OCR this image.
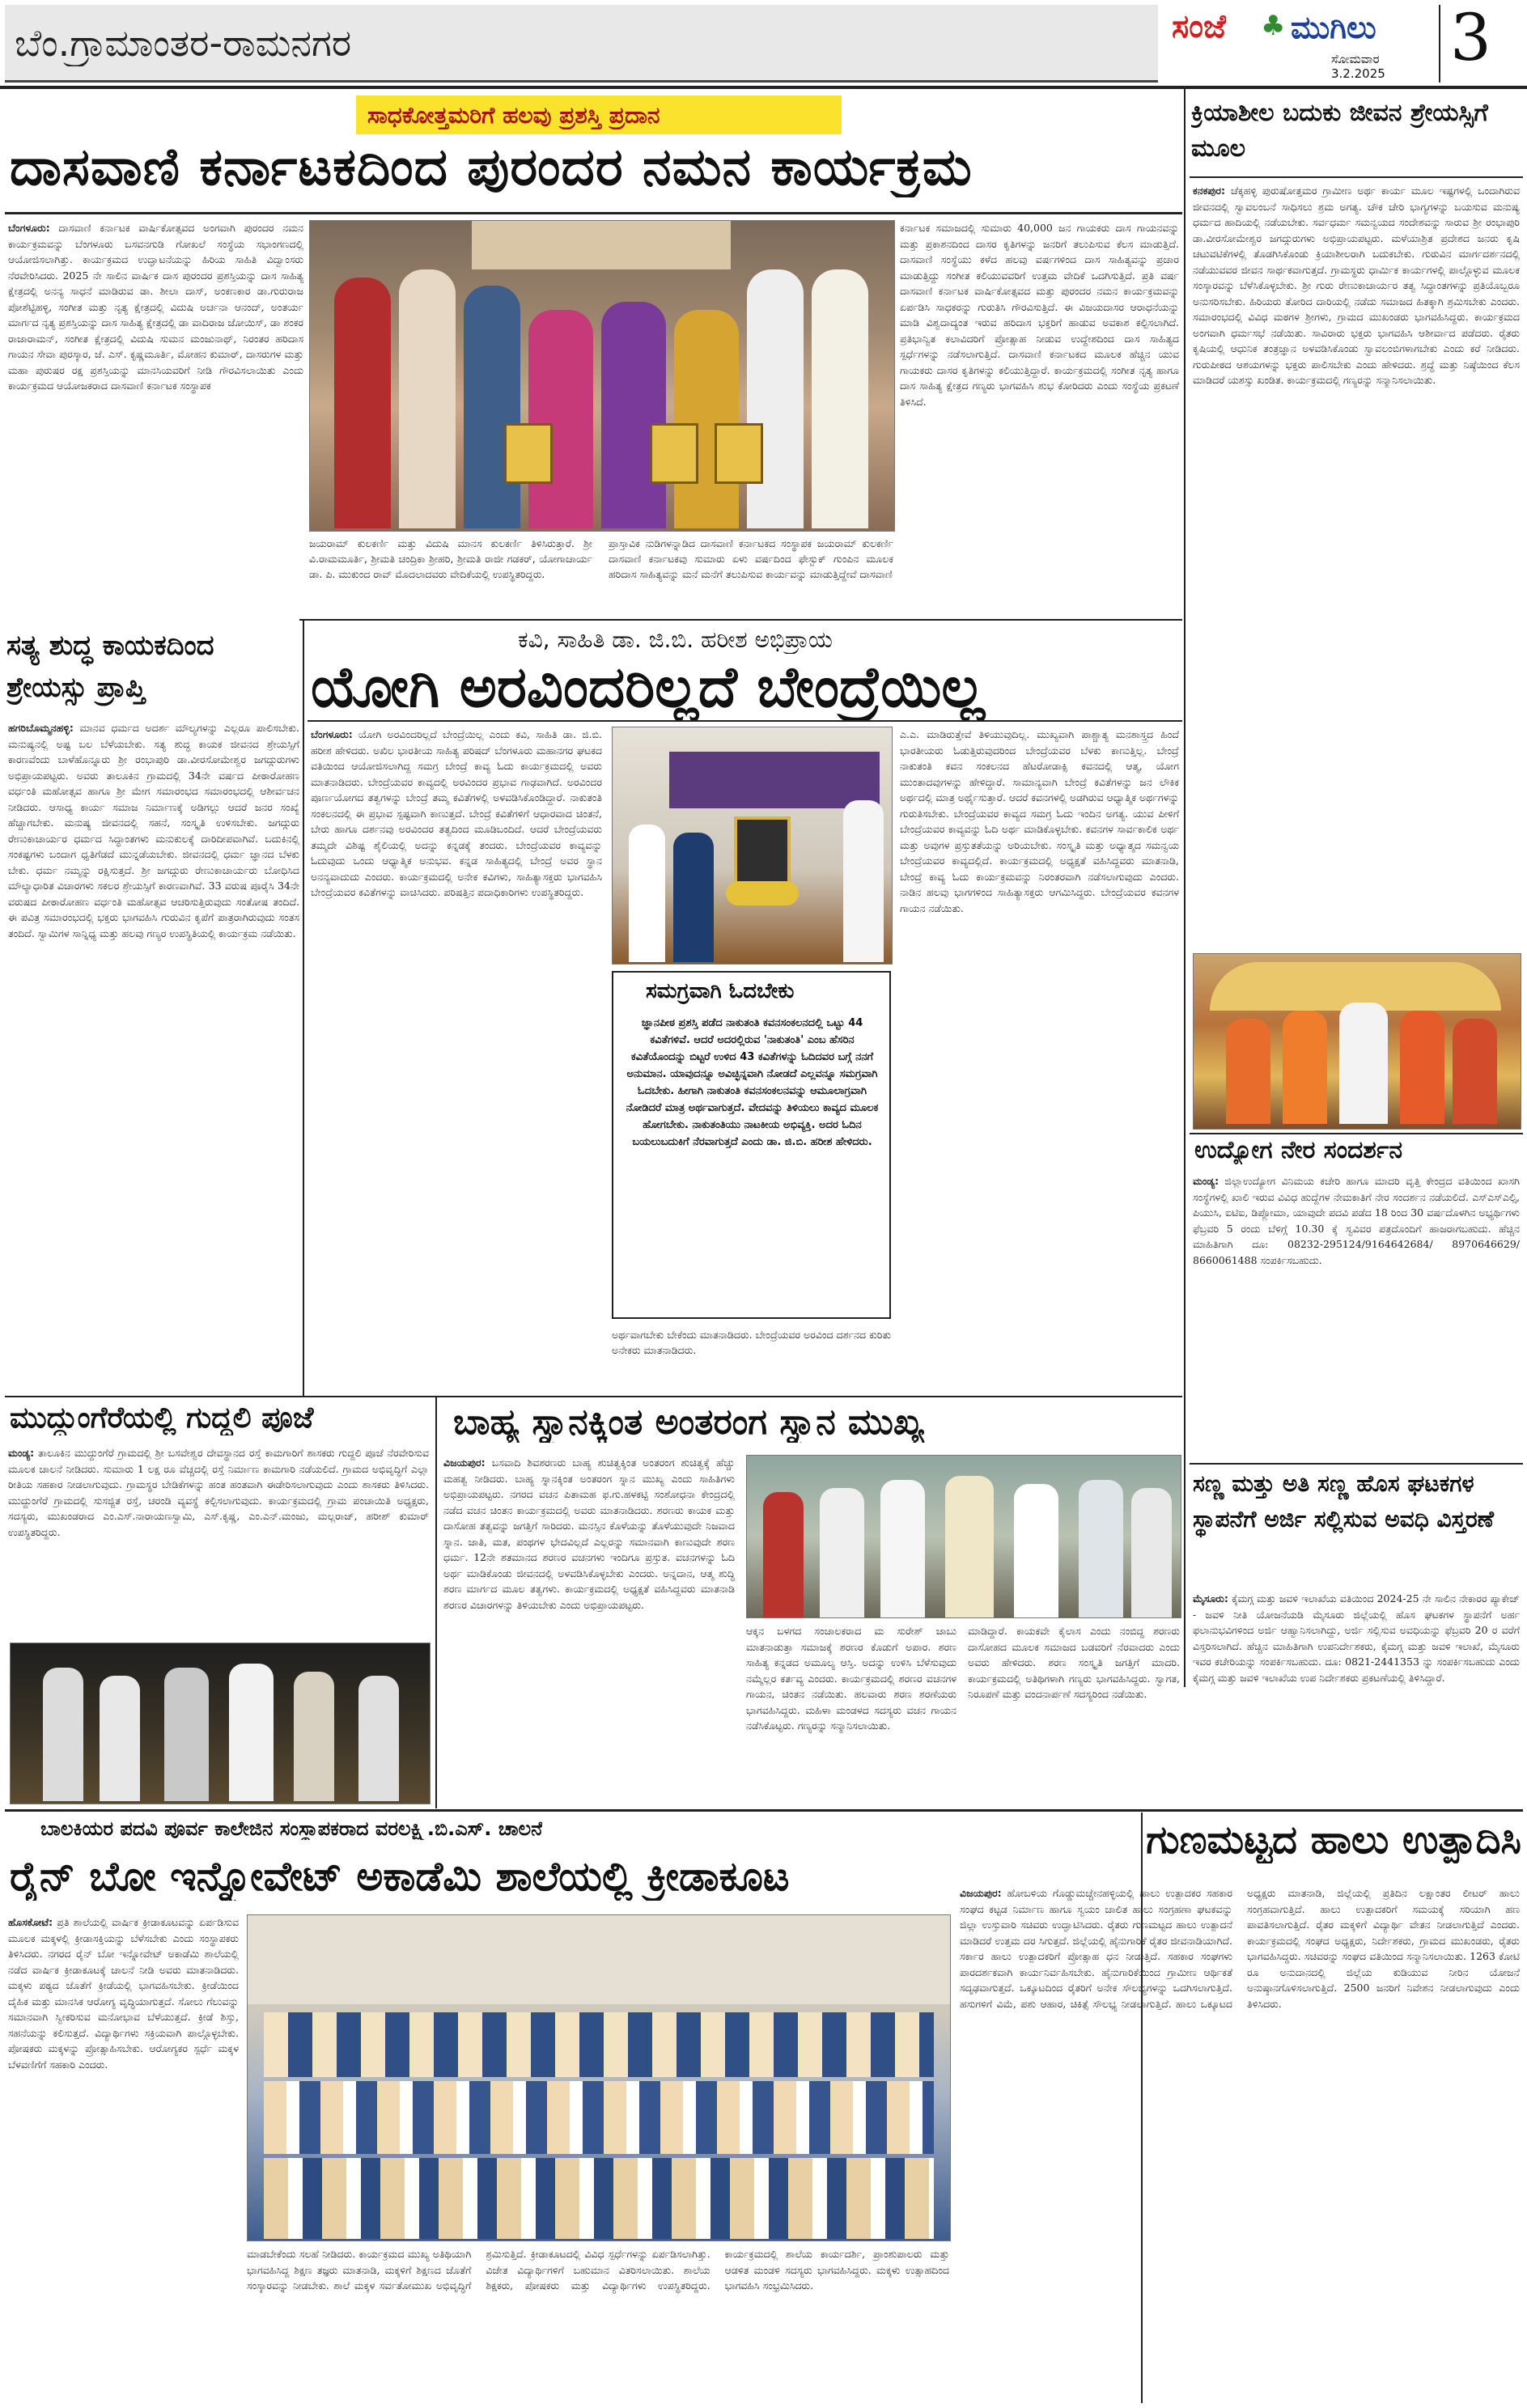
ಬೆಂ.ಗ್ರಾಮಾಂತರ-ರಾಮನಗರ	ಸಂಜೆ ♣ ಮುಗಿಲು
ಸೋಮವಾರ
3.2.2025 3
ಸಾಧಕೋತ್ತಮರಿಗೆ ಹಲವು ಪ್ರಶಸ್ತಿ ಪ್ರದಾನ
ದಾಸವಾಣಿ ಕರ್ನಾಟಕದಿಂದ ಪುರಂದರ ನಮನ ಕಾರ್ಯಕ್ರಮ
ಬೆಂಗಳೂರು: ದಾಸವಾಣಿ ಕರ್ನಾಟಕ ವಾರ್ಷಿಕೋತ್ಸವದ ಅಂಗವಾಗಿ ಪುರಂದರ ನಮನ ಕಾರ್ಯಕ್ರಮವನ್ನು ಬೆಂಗಳೂರು ಬಸವನಗುಡಿ ಗೋಖಲೆ ಸಂಸ್ಥೆಯ ಸಭಾಂಗಣದಲ್ಲಿ ಆಯೋಜಿಸಲಾಗಿತ್ತು. ಕಾರ್ಯಕ್ರಮದ ಉದ್ಘಾಟನೆಯನ್ನು ಹಿರಿಯ ಸಾಹಿತಿ ವಿದ್ವಾಂಸರು ನೆರವೇರಿಸಿದರು. 2025 ನೇ ಸಾಲಿನ ವಾರ್ಷಿಕ ದಾಸ ಪುರಂದರ ಪ್ರಶಸ್ತಿಯನ್ನು ದಾಸ ಸಾಹಿತ್ಯ ಕ್ಷೇತ್ರದಲ್ಲಿ ಅನನ್ಯ ಸಾಧನೆ ಮಾಡಿರುವ ಡಾ. ಶೀಲಾ ದಾಸ್, ಅಂಕಣಕಾರ ಡಾ.ಗುರುರಾಜ ಪೋಶೆಟ್ಟಿಹಳ್ಳಿ, ಸಂಗೀತ ಮತ್ತು ನೃತ್ಯ ಕ್ಷೇತ್ರದಲ್ಲಿ ವಿದುಷಿ ಅರ್ಚನಾ ಆನಂದ್, ಅಂತರ್ಯ ಮಾರ್ಗದ ನೃತ್ಯ ಪ್ರಶಸ್ತಿಯನ್ನು ದಾಸ ಸಾಹಿತ್ಯ ಕ್ಷೇತ್ರದಲ್ಲಿ ಡಾ ವಾದಿರಾಜ ಜೋಯಿಸ್, ಡಾ ಶಂಕರ ರಾಜಾರಾಮನ್, ಸಂಗೀತ ಕ್ಷೇತ್ರದಲ್ಲಿ ವಿದುಷಿ ಸುಮನ ಮಂಜುನಾಥ್, ನಿರಂತರ ಹರಿದಾಸ ಗಾಯನ ಸೇವಾ ಪುರಸ್ಕಾರ, ಜೆ. ಎಸ್. ಕೃಷ್ಣಮೂರ್ತಿ, ಮೋಹನ ಕುಮಾರ್, ದಾಸರುಗಳ ಮತ್ತು ಮಹಾ ಪುರುಷರ ರಕ್ಷ ಪ್ರಶಸ್ತಿಯನ್ನು ಮಾನಸಿಯವರಿಗೆ ನೀಡಿ ಗೌರವಿಸಲಾಯಿತು ಎಂದು ಕಾರ್ಯಕ್ರಮದ ಆಯೋಜಕರಾದ ದಾಸವಾಣಿ ಕರ್ನಾಟಕ ಸಂಸ್ಥಾಪಕ
ಜಯರಾಮ್ ಕುಲಕರ್ಣಿ ಮತ್ತು ವಿದುಷಿ ಮಾನಸ ಕುಲಕರ್ಣಿ ತಿಳಿಸಿರುತ್ತಾರೆ. ಶ್ರೀ ವಿ.ರಾಮಮೂರ್ತಿ, ಶ್ರೀಮತಿ ಚಂದ್ರಿಕಾ ಶ್ರೀಹರಿ, ಶ್ರೀಮತಿ ರಾಜೀ ಗಡಕರ್, ಯೋಗಾಚಾರ್ಯ ಡಾ. ಪಿ. ಮುಕುಂದ ರಾವ್ ಮೊದಲಾದವರು ವೇದಿಕೆಯಲ್ಲಿ ಉಪಸ್ಥಿತರಿದ್ದರು.
ಪ್ರಾಸ್ತಾವಿಕ ನುಡಿಗಳನ್ನಾಡಿದ ದಾಸವಾಣಿ ಕರ್ನಾಟಕದ ಸಂಸ್ಥಾಪಕ ಜಯರಾಮ್ ಕುಲಕರ್ಣಿ ದಾಸವಾಣಿ ಕರ್ನಾಟಕವು ಸುಮಾರು ಏಳು ವರ್ಷದಿಂದ ಫೇಸ್ಬುಕ್ ಗುಂಪಿನ ಮೂಲಕ ಹರಿದಾಸ ಸಾಹಿತ್ಯವನ್ನು ಮನೆ ಮನೆಗೆ ತಲುಪಿಸುವ ಕಾರ್ಯವನ್ನು ಮಾಡುತ್ತಿದ್ದೇವೆ ದಾಸವಾಣಿ
ಕರ್ನಾಟಕ ಸಮಾಜದಲ್ಲಿ ಸುಮಾರು 40,000 ಜನ ಗಾಯಕರು ದಾಸ ಗಾಯನವನ್ನು ಮತ್ತು ಪ್ರಕಾಶನದಿಂದ ದಾಸರ ಕೃತಿಗಳನ್ನು ಜನರಿಗೆ ತಲುಪಿಸುವ ಕೆಲಸ ಮಾಡುತ್ತಿದೆ. ದಾಸವಾಣಿ ಸಂಸ್ಥೆಯು ಕಳೆದ ಹಲವು ವರ್ಷಗಳಿಂದ ದಾಸ ಸಾಹಿತ್ಯವನ್ನು ಪ್ರಚಾರ ಮಾಡುತ್ತಿದ್ದು ಸಂಗೀತ ಕಲಿಯುವವರಿಗೆ ಉತ್ತಮ ವೇದಿಕೆ ಒದಗಿಸುತ್ತಿದೆ. ಪ್ರತಿ ವರ್ಷ ದಾಸವಾಣಿ ಕರ್ನಾಟಕ ವಾರ್ಷಿಕೋತ್ಸವದ ಮತ್ತು ಪುರಂದರ ನಮನ ಕಾರ್ಯಕ್ರಮವನ್ನು ಏರ್ಪಡಿಸಿ ಸಾಧಕರನ್ನು ಗುರುತಿಸಿ ಗೌರವಿಸುತ್ತಿದೆ. ಈ ವಿಜಯದಾಸರ ಆರಾಧನೆಯನ್ನು ಮಾಡಿ ವಿಶ್ವದಾದ್ಯಂತ ಇರುವ ಹರಿದಾಸ ಭಕ್ತರಿಗೆ ಹಾಡುವ ಅವಕಾಶ ಕಲ್ಪಿಸಲಾಗಿದೆ. ಪ್ರತಿಭಾನ್ವಿತ ಕಲಾವಿದರಿಗೆ ಪ್ರೋತ್ಸಾಹ ನೀಡುವ ಉದ್ದೇಶದಿಂದ ದಾಸ ಸಾಹಿತ್ಯದ ಸ್ಪರ್ಧೆಗಳನ್ನು ನಡೆಸಲಾಗುತ್ತಿದೆ. ದಾಸವಾಣಿ ಕರ್ನಾಟಕದ ಮೂಲಕ ಹೆಚ್ಚಿನ ಯುವ ಗಾಯಕರು ದಾಸರ ಕೃತಿಗಳನ್ನು ಕಲಿಯುತ್ತಿದ್ದಾರೆ. ಕಾರ್ಯಕ್ರಮದಲ್ಲಿ ಸಂಗೀತ ನೃತ್ಯ ಹಾಗೂ ದಾಸ ಸಾಹಿತ್ಯ ಕ್ಷೇತ್ರದ ಗಣ್ಯರು ಭಾಗವಹಿಸಿ ಶುಭ ಕೋರಿದರು ಎಂದು ಸಂಸ್ಥೆಯ ಪ್ರಕಟಣೆ ತಿಳಿಸಿದೆ.
ಕ್ರಿಯಾಶೀಲ ಬದುಕು ಜೀವನ ಶ್ರೇಯಸ್ಸಿಗೆ ಮೂಲ
ಕನಕಪುರ: ಚೆಕ್ಕಹಳ್ಳಿ ಪುರುಷೋತ್ತಮರ ಗ್ರಾಮೀಣ ಅರ್ಥ ಕಾರ್ಯ ಮೂಲ ಇಷ್ಟಗಳಲ್ಲಿ ಒಂದಾಗಿರುವ ಜೀವನದಲ್ಲಿ ಸ್ವಾವಲಂಬನೆ ಸಾಧಿಸಲು ಶ್ರಮ ಅಗತ್ಯ. ಚೌಕ ಚೇರಿ ಭಾಗ್ಯಗಳನ್ನು ಬಯಸುವ ಮನುಷ್ಯ ಧರ್ಮದ ಹಾದಿಯಲ್ಲಿ ನಡೆಯಬೇಕು. ಸರ್ವಧರ್ಮ ಸಮನ್ವಯದ ಸಂದೇಶವನ್ನು ಸಾರುವ ಶ್ರೀ ರಂಭಾಪುರಿ ಡಾ.ವೀರಸೋಮೇಶ್ವರ ಜಗದ್ಗುರುಗಳು ಅಭಿಪ್ರಾಯಪಟ್ಟರು. ಮಳೆಯಾಶ್ರಿತ ಪ್ರದೇಶದ ಜನರು ಕೃಷಿ ಚಟುವಟಿಕೆಗಳಲ್ಲಿ ತೊಡಗಿಸಿಕೊಂಡು ಕ್ರಿಯಾಶೀಲರಾಗಿ ಬದುಕಬೇಕು. ಗುರುವಿನ ಮಾರ್ಗದರ್ಶನದಲ್ಲಿ ನಡೆಯುವವರ ಜೀವನ ಸಾರ್ಥಕವಾಗುತ್ತದೆ. ಗ್ರಾಮಸ್ಥರು ಧಾರ್ಮಿಕ ಕಾರ್ಯಗಳಲ್ಲಿ ಪಾಲ್ಗೊಳ್ಳುವ ಮೂಲಕ ಸಂಸ್ಕಾರವನ್ನು ಬೆಳೆಸಿಕೊಳ್ಳಬೇಕು. ಶ್ರೀ ಗುರು ರೇಣುಕಾಚಾರ್ಯರ ತತ್ವ ಸಿದ್ಧಾಂತಗಳನ್ನು ಪ್ರತಿಯೊಬ್ಬರೂ ಅನುಸರಿಸಬೇಕು. ಹಿರಿಯರು ತೋರಿದ ದಾರಿಯಲ್ಲಿ ನಡೆದು ಸಮಾಜದ ಹಿತಕ್ಕಾಗಿ ಶ್ರಮಿಸಬೇಕು ಎಂದರು. ಸಮಾರಂಭದಲ್ಲಿ ವಿವಿಧ ಮಠಗಳ ಶ್ರೀಗಳು, ಗ್ರಾಮದ ಮುಖಂಡರು ಭಾಗವಹಿಸಿದ್ದರು. ಕಾರ್ಯಕ್ರಮದ ಅಂಗವಾಗಿ ಧರ್ಮಸಭೆ ನಡೆಯಿತು. ಸಾವಿರಾರು ಭಕ್ತರು ಭಾಗವಹಿಸಿ ಆಶೀರ್ವಾದ ಪಡೆದರು. ರೈತರು ಕೃಷಿಯಲ್ಲಿ ಆಧುನಿಕ ತಂತ್ರಜ್ಞಾನ ಅಳವಡಿಸಿಕೊಂಡು ಸ್ವಾವಲಂಬಿಗಳಾಗಬೇಕು ಎಂದು ಕರೆ ನೀಡಿದರು. ಗುರುಪೀಠದ ಆಶಯಗಳನ್ನು ಭಕ್ತರು ಪಾಲಿಸಬೇಕು ಎಂದು ಹೇಳಿದರು. ಶ್ರದ್ಧೆ ಮತ್ತು ನಿಷ್ಠೆಯಿಂದ ಕೆಲಸ ಮಾಡಿದರೆ ಯಶಸ್ಸು ಖಂಡಿತ. ಕಾರ್ಯಕ್ರಮದಲ್ಲಿ ಗಣ್ಯರನ್ನು ಸನ್ಮಾನಿಸಲಾಯಿತು.
ಉದ್ಯೋಗ ನೇರ ಸಂದರ್ಶನ
ಮಂಡ್ಯ: ಜಿಲ್ಲಾಉದ್ಯೋಗ ವಿನಿಮಯ ಕಚೇರಿ ಹಾಗೂ ಮಾದರಿ ವೃತ್ತಿ ಕೇಂದ್ರದ ವತಿಯಿಂದ ಖಾಸಗಿ ಸಂಸ್ಥೆಗಳಲ್ಲಿ ಖಾಲಿ ಇರುವ ವಿವಿಧ ಹುದ್ದೆಗಳ ನೇಮಕಾತಿಗೆ ನೇರ ಸಂದರ್ಶನ ನಡೆಯಲಿದೆ. ಎಸ್ಎಸ್ಎಲ್ಸಿ, ಪಿಯುಸಿ, ಐಟಿಐ, ಡಿಪ್ಲೋಮಾ, ಯಾವುದೇ ಪದವಿ ಪಡೆದ 18 ರಿಂದ 30 ವರ್ಷದೊಳಗಿನ ಅಭ್ಯರ್ಥಿಗಳು ಫೆಬ್ರವರಿ 5 ರಂದು ಬೆಳಿಗ್ಗೆ 10.30 ಕ್ಕೆ ಸ್ವವಿವರ ಪತ್ರದೊಂದಿಗೆ ಹಾಜರಾಗಬಹುದು. ಹೆಚ್ಚಿನ ಮಾಹಿತಿಗಾಗಿ ದೂ: 08232-295124/9164642684/ 8970646629/ 8660061488 ಸಂಪರ್ಕಿಸಬಹುದು.
ಸಣ್ಣ ಮತ್ತು ಅತಿ ಸಣ್ಣ ಹೊಸ ಘಟಕಗಳ ಸ್ಥಾಪನೆಗೆ ಅರ್ಜಿ ಸಲ್ಲಿಸುವ ಅವಧಿ ವಿಸ್ತರಣೆ
ಮೈಸೂರು: ಕೈಮಗ್ಗ ಮತ್ತು ಜವಳಿ ಇಲಾಖೆಯ ವತಿಯಿಂದ 2024-25 ನೇ ಸಾಲಿನ ನೇಕಾರರ ಪ್ಯಾಕೇಜ್ - ಜವಳಿ ನೀತಿ ಯೋಜನೆಯಡಿ ಮೈಸೂರು ಜಿಲ್ಲೆಯಲ್ಲಿ ಹೊಸ ಘಟಕಗಳ ಸ್ಥಾಪನೆಗೆ ಅರ್ಹ ಫಲಾನುಭವಿಗಳಿಂದ ಅರ್ಜಿ ಆಹ್ವಾನಿಸಲಾಗಿದ್ದು, ಅರ್ಜಿ ಸಲ್ಲಿಸುವ ಅವಧಿಯನ್ನು ಫೆಬ್ರವರಿ 20 ರ ವರೆಗೆ ವಿಸ್ತರಿಸಲಾಗಿದೆ. ಹೆಚ್ಚಿನ ಮಾಹಿತಿಗಾಗಿ ಉಪನಿರ್ದೇಶಕರು, ಕೈಮಗ್ಗ ಮತ್ತು ಜವಳಿ ಇಲಾಖೆ, ಮೈಸೂರು ಇವರ ಕಚೇರಿಯನ್ನು ಸಂಪರ್ಕಿಸಬಹುದು. ದೂ: 0821-2441353 ನ್ನು ಸಂಪರ್ಕಿಸಬಹುದು ಎಂದು ಕೈಮಗ್ಗ ಮತ್ತು ಜವಳಿ ಇಲಾಖೆಯ ಉಪ ನಿರ್ದೇಶಕರು ಪ್ರಕಟಣೆಯಲ್ಲಿ ತಿಳಿಸಿದ್ದಾರೆ.
ಸತ್ಯ ಶುದ್ಧ ಕಾಯಕದಿಂದ ಶ್ರೇಯಸ್ಸು ಪ್ರಾಪ್ತಿ
ಹಗರಿಬೊಮ್ಮನಹಳ್ಳಿ: ಮಾನವ ಧರ್ಮದ ಅದರ್ಶ ಮೌಲ್ಯಗಳನ್ನು ಎಲ್ಲರೂ ಪಾಲಿಸಬೇಕು. ಮನುಷ್ಯನಲ್ಲಿ ಅಷ್ಟ ಬಲ ಬೆಳೆಯಬೇಕು. ಸತ್ಯ ಶುದ್ಧ ಕಾಯಕ ಜೀವನದ ಶ್ರೇಯಸ್ಸಿಗೆ ಕಾರಣವೆಂದು ಬಾಳೆಹೊನ್ನೂರು ಶ್ರೀ ರಂಭಾಪುರಿ ಡಾ.ವೀರಸೋಮೇಶ್ವರ ಜಗದ್ಗುರುಗಳು ಅಭಿಪ್ರಾಯಪಟ್ಟರು. ಅವರು ತಾಲೂಕಿನ ಗ್ರಾಮದಲ್ಲಿ 34ನೇ ವರ್ಷದ ಪೀಠಾರೋಹಣ ವರ್ಧಂತಿ ಮಹೋತ್ಸವ ಹಾಗೂ ಶ್ರೀ ಮೇಗ ಸಮಾರಂಭದ ಸಮಾರಂಭದಲ್ಲಿ ಆಶೀರ್ವಚನ ನೀಡಿದರು. ಆಸಾಧ್ಯ ಕಾರ್ಯ ಸಮಾಜ ನಿರ್ಮಾಣಕ್ಕೆ ಅಡಿಗಲ್ಲು ಆದರೆ ಜನರ ಸಂಖ್ಯೆ ಹೆಚ್ಚಾಗಬೇಕು. ಮನುಷ್ಯ ಜೀವನದಲ್ಲಿ ಸಹನೆ, ಸಂಸ್ಕೃತಿ ಉಳಿಸಬೇಕು. ಜಗದ್ಗುರು ರೇಣುಕಾಚಾರ್ಯರ ಧರ್ಮದ ಸಿದ್ಧಾಂತಗಳು ಮನುಕುಲಕ್ಕೆ ದಾರಿದೀಪವಾಗಿವೆ. ಬದುಕಿನಲ್ಲಿ ಸಂಕಷ್ಟಗಳು ಬಂದಾಗ ಧೃತಿಗೆಡದೆ ಮುನ್ನಡೆಯಬೇಕು. ಜೀವನದಲ್ಲಿ ಧರ್ಮ ಜ್ಞಾನದ ಬೆಳಕು ಬೇಕು. ಧರ್ಮ ನಮ್ಮನ್ನು ರಕ್ಷಿಸುತ್ತದೆ. ಶ್ರೀ ಜಗದ್ಗುರು ರೇಣುಕಾಚಾರ್ಯರು ಬೋಧಿಸಿದ ಮೌಲ್ಯಾಧಾರಿತ ವಿಚಾರಗಳು ಸಕಲರ ಶ್ರೇಯಸ್ಸಿಗೆ ಕಾರಣವಾಗಿವೆ. 33 ವರುಷ ಪೂರೈಸಿ 34ನೇ ವರುಷದ ಪೀಠಾರೋಹಣ ವರ್ಧಂತಿ ಮಹೋತ್ಸವ ಆಚರಿಸುತ್ತಿರುವುದು ಸಂತೋಷ ತಂದಿದೆ. ಈ ಪವಿತ್ರ ಸಮಾರಂಭದಲ್ಲಿ ಭಕ್ತರು ಭಾಗವಹಿಸಿ ಗುರುವಿನ ಕೃಪೆಗೆ ಪಾತ್ರರಾಗಿರುವುದು ಸಂತಸ ತಂದಿದೆ. ಸ್ವಾಮಿಗಳ ಸಾನ್ನಿಧ್ಯ ಮತ್ತು ಹಲವು ಗಣ್ಯರ ಉಪಸ್ಥಿತಿಯಲ್ಲಿ ಕಾರ್ಯಕ್ರಮ ನಡೆಯಿತು.
ಕವಿ, ಸಾಹಿತಿ ಡಾ. ಜಿ.ಬಿ. ಹರೀಶ ಅಭಿಪ್ರಾಯ
ಯೋಗಿ ಅರವಿಂದರಿಲ್ಲದೆ ಬೇಂದ್ರೆಯಿಲ್ಲ
ಬೆಂಗಳೂರು: ಯೋಗಿ ಅರವಿಂದರಿಲ್ಲದೆ ಬೇಂದ್ರೆಯಿಲ್ಲ ಎಂದು ಕವಿ, ಸಾಹಿತಿ ಡಾ. ಜಿ.ಬಿ. ಹರೀಶ ಹೇಳಿದರು. ಅಖಿಲ ಭಾರತೀಯ ಸಾಹಿತ್ಯ ಪರಿಷದ್ ಬೆಂಗಳೂರು ಮಹಾನಗರ ಘಟಕದ ವತಿಯಿಂದ ಆಯೋಜಿಸಲಾಗಿದ್ದ ಸಮಗ್ರ ಬೇಂದ್ರೆ ಕಾವ್ಯ ಓದು ಕಾರ್ಯಕ್ರಮದಲ್ಲಿ ಅವರು ಮಾತನಾಡಿದರು. ಬೇಂದ್ರೆಯವರ ಕಾವ್ಯದಲ್ಲಿ ಅರವಿಂದರ ಪ್ರಭಾವ ಗಾಢವಾಗಿದೆ. ಅರವಿಂದರ ಪೂರ್ಣಯೋಗದ ತತ್ವಗಳನ್ನು ಬೇಂದ್ರೆ ತಮ್ಮ ಕವಿತೆಗಳಲ್ಲಿ ಅಳವಡಿಸಿಕೊಂಡಿದ್ದಾರೆ. ನಾಕುತಂತಿ ಸಂಕಲನದಲ್ಲಿ ಈ ಪ್ರಭಾವ ಸ್ಪಷ್ಟವಾಗಿ ಕಾಣುತ್ತದೆ. ಬೇಂದ್ರೆ ಕವಿತೆಗಳಿಗೆ ಆಧಾರವಾದ ಚಿಂತನೆ, ಬೇರು ಹಾಗೂ ದರ್ಶನವು ಅರವಿಂದರ ತತ್ವದಿಂದ ಮೂಡಿಬಂದಿದೆ. ಆದರೆ ಬೇಂದ್ರೆಯವರು ತಮ್ಮದೇ ವಿಶಿಷ್ಟ ಶೈಲಿಯಲ್ಲಿ ಅದನ್ನು ಕನ್ನಡಕ್ಕೆ ತಂದರು. ಬೇಂದ್ರೆಯವರ ಕಾವ್ಯವನ್ನು ಓದುವುದು ಒಂದು ಆಧ್ಯಾತ್ಮಿಕ ಅನುಭವ. ಕನ್ನಡ ಸಾಹಿತ್ಯದಲ್ಲಿ ಬೇಂದ್ರೆ ಅವರ ಸ್ಥಾನ ಅನನ್ಯವಾದುದು ಎಂದರು. ಕಾರ್ಯಕ್ರಮದಲ್ಲಿ ಅನೇಕ ಕವಿಗಳು, ಸಾಹಿತ್ಯಾಸಕ್ತರು ಭಾಗವಹಿಸಿ ಬೇಂದ್ರೆಯವರ ಕವಿತೆಗಳನ್ನು ವಾಚಿಸಿದರು. ಪರಿಷತ್ತಿನ ಪದಾಧಿಕಾರಿಗಳು ಉಪಸ್ಥಿತರಿದ್ದರು.
ಸಮಗ್ರವಾಗಿ ಓದಬೇಕು
ಜ್ಞಾನಪೀಠ ಪ್ರಶಸ್ತಿ ಪಡೆದ ನಾಕುತಂತಿ ಕವನಸಂಕಲನದಲ್ಲಿ ಒಟ್ಟು 44 ಕವಿತೆಗಳಿವೆ. ಆದರೆ ಅದರಲ್ಲಿರುವ 'ನಾಕುತಂತಿ' ಎಂಬ ಹೆಸರಿನ ಕವಿತೆಯೊಂದನ್ನು ಬಿಟ್ಟರೆ ಉಳಿದ 43 ಕವಿತೆಗಳನ್ನು ಓದಿದವರ ಬಗ್ಗೆ ನನಗೆ ಅನುಮಾನ. ಯಾವುದನ್ನೂ ಅವಿಚ್ಛಿನ್ನವಾಗಿ ನೋಡದೆ ಎಲ್ಲವನ್ನೂ ಸಮಗ್ರವಾಗಿ ಓದಬೇಕು. ಹೀಗಾಗಿ ನಾಕುತಂತಿ ಕವನಸಂಕಲನವನ್ನು ಆಮೂಲಾಗ್ರವಾಗಿ ನೋಡಿದರೆ ಮಾತ್ರ ಅರ್ಥವಾಗುತ್ತದೆ. ವೇದವನ್ನು ತಿಳಿಯಲು ಕಾವ್ಯದ ಮೂಲಕ ಹೋಗಬೇಕು. ನಾಕುತಂತಿಯು ನಾಟಕೀಯ ಅಭಿವ್ಯಕ್ತಿ. ಅದರ ಓದಿನ ಬಯಲುಬದುಕಿಗೆ ನೆರವಾಗುತ್ತದೆ ಎಂದು ಡಾ. ಜಿ.ಬಿ. ಹರೀಶ ಹೇಳಿದರು.
ಅರ್ಥವಾಗಬೇಕು ಬೇಕೆಂದು ಮಾತನಾಡಿದರು. ಬೇಂದ್ರೆಯವರ ಅರವಿಂದ ದರ್ಶನದ ಕುರಿತು ಅನೇಕರು ಮಾತನಾಡಿದರು.
ಎ.ಎ. ಮಾಡಿರುತ್ತೇವೆ ತಿಳಿಯುವುದಿಲ್ಲ. ಮುಖ್ಯವಾಗಿ ಪಾಶ್ಚಾತ್ಯ ಮನಶಾಸ್ತ್ರದ ಹಿಂದೆ ಭಾರತೀಯರು ಓಡುತ್ತಿರುವುದರಿಂದ ಬೇಂದ್ರೆಯವರ ಬೆಳಕು ಕಾಣುತ್ತಿಲ್ಲ. ಬೇಂದ್ರೆ ನಾಕುತಂತಿ ಕವನ ಸಂಕಲನದ ಹೆಟರೋಡಾಕ್ಸಿ ಕವನದಲ್ಲಿ ಆತ್ಮ, ಯೋಗ ಮುಂತಾದವುಗಳನ್ನು ಹೇಳಿದ್ದಾರೆ. ಸಾಮಾನ್ಯವಾಗಿ ಬೇಂದ್ರೆ ಕವಿತೆಗಳನ್ನು ಜನ ಲೌಕಿಕ ಅರ್ಥದಲ್ಲಿ ಮಾತ್ರ ಅರ್ಥೈಸುತ್ತಾರೆ. ಆದರೆ ಕವನಗಳಲ್ಲಿ ಅಡಗಿರುವ ಆಧ್ಯಾತ್ಮಿಕ ಅರ್ಥಗಳನ್ನು ಗುರುತಿಸಬೇಕು. ಬೇಂದ್ರೆಯವರ ಕಾವ್ಯದ ಸಮಗ್ರ ಓದು ಇಂದಿನ ಅಗತ್ಯ. ಯುವ ಪೀಳಿಗೆ ಬೇಂದ್ರೆಯವರ ಕಾವ್ಯವನ್ನು ಓದಿ ಅರ್ಥ ಮಾಡಿಕೊಳ್ಳಬೇಕು. ಕವನಗಳ ಸಾರ್ವಕಾಲಿಕ ಅರ್ಥ ಮತ್ತು ಅವುಗಳ ಪ್ರಸ್ತುತತೆಯನ್ನು ಅರಿಯಬೇಕು. ಸಂಸ್ಕೃತಿ ಮತ್ತು ಅಧ್ಯಾತ್ಮದ ಸಮನ್ವಯ ಬೇಂದ್ರೆಯವರ ಕಾವ್ಯದಲ್ಲಿದೆ. ಕಾರ್ಯಕ್ರಮದಲ್ಲಿ ಅಧ್ಯಕ್ಷತೆ ವಹಿಸಿದ್ದವರು ಮಾತನಾಡಿ, ಬೇಂದ್ರೆ ಕಾವ್ಯ ಓದು ಕಾರ್ಯಕ್ರಮವನ್ನು ನಿರಂತರವಾಗಿ ನಡೆಸಲಾಗುವುದು ಎಂದರು. ನಾಡಿನ ಹಲವು ಭಾಗಗಳಿಂದ ಸಾಹಿತ್ಯಾಸಕ್ತರು ಆಗಮಿಸಿದ್ದರು. ಬೇಂದ್ರೆಯವರ ಕವನಗಳ ಗಾಯನ ನಡೆಯಿತು.
ಮುದ್ದುಂಗೆರೆಯಲ್ಲಿ ಗುದ್ದಲಿ ಪೂಜೆ
ಮಂಡ್ಯ: ತಾಲೂಕಿನ ಮುದ್ದುಂಗೆರೆ ಗ್ರಾಮದಲ್ಲಿ ಶ್ರೀ ಬಸವೇಶ್ವರ ದೇವಸ್ಥಾನದ ರಸ್ತೆ ಕಾಮಗಾರಿಗೆ ಶಾಸಕರು ಗುದ್ದಲಿ ಪೂಜೆ ನೆರವೇರಿಸುವ ಮೂಲಕ ಚಾಲನೆ ನೀಡಿದರು. ಸುಮಾರು 1 ಲಕ್ಷ ರೂ ವೆಚ್ಚದಲ್ಲಿ ರಸ್ತೆ ನಿರ್ಮಾಣ ಕಾಮಗಾರಿ ನಡೆಯಲಿದೆ. ಗ್ರಾಮದ ಅಭಿವೃದ್ಧಿಗೆ ಎಲ್ಲಾ ರೀತಿಯ ಸಹಕಾರ ನೀಡಲಾಗುವುದು. ಗ್ರಾಮಸ್ಥರ ಬೇಡಿಕೆಗಳನ್ನು ಹಂತ ಹಂತವಾಗಿ ಈಡೇರಿಸಲಾಗುವುದು ಎಂದು ಶಾಸಕರು ತಿಳಿಸಿದರು. ಮುದ್ದುಂಗೆರೆ ಗ್ರಾಮದಲ್ಲಿ ಸುಸಜ್ಜಿತ ರಸ್ತೆ, ಚರಂಡಿ ವ್ಯವಸ್ಥೆ ಕಲ್ಪಿಸಲಾಗುವುದು. ಕಾರ್ಯಕ್ರಮದಲ್ಲಿ ಗ್ರಾಮ ಪಂಚಾಯಿತಿ ಅಧ್ಯಕ್ಷರು, ಸದಸ್ಯರು, ಮುಖಂಡರಾದ ಎಂ.ಎಸ್.ನಾರಾಯಣಸ್ವಾಮಿ, ಎಸ್.ಕೃಷ್ಣ, ಎಂ.ಎನ್.ಮಂಜು, ಮಲ್ಲರಾಜ್, ಹರೀಶ್ ಕುಮಾರ್ ಉಪಸ್ಥಿತರಿದ್ದರು.
ಬಾಹ್ಯ ಸ್ನಾನಕ್ಕಿಂತ ಅಂತರಂಗ ಸ್ನಾನ ಮುಖ್ಯ
ವಿಜಯಪುರ: ಬಸವಾದಿ ಶಿವಶರಣರು ಬಾಹ್ಯ ಶುಚಿತ್ವಕ್ಕಿಂತ ಅಂತರಂಗ ಶುಚಿತ್ವಕ್ಕೆ ಹೆಚ್ಚು ಮಹತ್ವ ನೀಡಿದರು. ಬಾಹ್ಯ ಸ್ನಾನಕ್ಕಿಂತ ಅಂತರಂಗ ಸ್ನಾನ ಮುಖ್ಯ ಎಂದು ಸಾಹಿತಿಗಳು ಅಭಿಪ್ರಾಯಪಟ್ಟರು. ನಗರದ ವಚನ ಪಿತಾಮಹ ಫ.ಗು.ಹಳಕಟ್ಟಿ ಸಂಶೋಧನಾ ಕೇಂದ್ರದಲ್ಲಿ ನಡೆದ ವಚನ ಚಿಂತನ ಕಾರ್ಯಕ್ರಮದಲ್ಲಿ ಅವರು ಮಾತನಾಡಿದರು. ಶರಣರು ಕಾಯಕ ಮತ್ತು ದಾಸೋಹ ತತ್ವವನ್ನು ಜಗತ್ತಿಗೆ ಸಾರಿದರು. ಮನಸ್ಸಿನ ಕೊಳೆಯನ್ನು ತೊಳೆಯುವುದೇ ನಿಜವಾದ ಸ್ನಾನ. ಜಾತಿ, ಮತ, ಪಂಥಗಳ ಭೇದವಿಲ್ಲದೆ ಎಲ್ಲರನ್ನು ಸಮಾನವಾಗಿ ಕಾಣುವುದೇ ಶರಣ ಧರ್ಮ. 12ನೇ ಶತಮಾನದ ಶರಣರ ವಚನಗಳು ಇಂದಿಗೂ ಪ್ರಸ್ತುತ. ವಚನಗಳನ್ನು ಓದಿ ಅರ್ಥ ಮಾಡಿಕೊಂಡು ಜೀವನದಲ್ಲಿ ಅಳವಡಿಸಿಕೊಳ್ಳಬೇಕು ಎಂದರು. ಅನ್ನದಾನ, ಆತ್ಮ ಶುದ್ಧಿ ಶರಣ ಮಾರ್ಗದ ಮೂಲ ತತ್ವಗಳು. ಕಾರ್ಯಕ್ರಮದಲ್ಲಿ ಅಧ್ಯಕ್ಷತೆ ವಹಿಸಿದ್ದವರು ಮಾತನಾಡಿ ಶರಣರ ವಿಚಾರಗಳನ್ನು ತಿಳಿಯಬೇಕು ಎಂದು ಅಭಿಪ್ರಾಯಪಟ್ಟರು.
ಆಕ್ಕನ ಬಳಗದ ಸಂಚಾಲಕರಾದ ಮ ಸುರೇಶ್ ಜಾಬು ಮಾತನಾಡುತ್ತಾ ಸಮಾಜಕ್ಕೆ ಶರಣರ ಕೊಡುಗೆ ಅಪಾರ. ಶರಣ ಸಾಹಿತ್ಯ ಕನ್ನಡದ ಅಮೂಲ್ಯ ಆಸ್ತಿ. ಅದನ್ನು ಉಳಿಸಿ ಬೆಳೆಸುವುದು ನಮ್ಮೆಲ್ಲರ ಕರ್ತವ್ಯ ಎಂದರು. ಕಾರ್ಯಕ್ರಮದಲ್ಲಿ ಶರಣರ ವಚನಗಳ ಗಾಯನ, ಚಿಂತನ ನಡೆಯಿತು. ಹಲವಾರು ಶರಣ ಶರಣೆಯರು ಭಾಗವಹಿಸಿದ್ದರು. ಮಹಿಳಾ ಮಂಡಳದ ಸದಸ್ಯರು ವಚನ ಗಾಯನ ನಡೆಸಿಕೊಟ್ಟರು. ಗಣ್ಯರನ್ನು ಸನ್ಮಾನಿಸಲಾಯಿತು.
ಮಾಡಿದ್ದಾರೆ. ಕಾಯಕವೇ ಕೈಲಾಸ ಎಂದು ನಂಬಿದ್ದ ಶರಣರು ದಾಸೋಹದ ಮೂಲಕ ಸಮಾಜದ ಬಡವರಿಗೆ ನೆರವಾದರು ಎಂದು ಅವರು ಹೇಳಿದರು. ಶರಣ ಸಂಸ್ಕೃತಿ ಜಗತ್ತಿಗೆ ಮಾದರಿ. ಕಾರ್ಯಕ್ರಮದಲ್ಲಿ ಅತಿಥಿಗಳಾಗಿ ಗಣ್ಯರು ಭಾಗವಹಿಸಿದ್ದರು. ಸ್ವಾಗತ, ನಿರೂಪಣೆ ಮತ್ತು ವಂದನಾರ್ಪಣೆ ಸದಸ್ಯರಿಂದ ನಡೆಯಿತು.
ಬಾಲಕಿಯರ ಪದವಿ ಪೂರ್ವ ಕಾಲೇಜಿನ ಸಂಸ್ಥಾಪಕರಾದ ವರಲಕ್ಷ್ಮಿ.ಬಿ.ಎಸ್. ಚಾಲನೆ
ರೈನ್ ಬೋ ಇನ್ನೋವೇಟ್ ಅಕಾಡೆಮಿ ಶಾಲೆಯಲ್ಲಿ ಕ್ರೀಡಾಕೂಟ
ಹೊಸಕೋಟೆ: ಪ್ರತಿ ಶಾಲೆಯಲ್ಲಿ ವಾರ್ಷಿಕ ಕ್ರೀಡಾಕೂಟವನ್ನು ಏರ್ಪಡಿಸುವ ಮೂಲಕ ಮಕ್ಕಳಲ್ಲಿ ಕ್ರೀಡಾಸಕ್ತಿಯನ್ನು ಬೆಳೆಸಬೇಕು ಎಂದು ಸಂಸ್ಥಾಪಕರು ತಿಳಿಸಿದರು. ನಗರದ ರೈನ್ ಬೋ ಇನ್ನೋವೇಟ್ ಅಕಾಡೆಮಿ ಶಾಲೆಯಲ್ಲಿ ನಡೆದ ವಾರ್ಷಿಕ ಕ್ರೀಡಾಕೂಟಕ್ಕೆ ಚಾಲನೆ ನೀಡಿ ಅವರು ಮಾತನಾಡಿದರು. ಮಕ್ಕಳು ಪಠ್ಯದ ಜೊತೆಗೆ ಕ್ರೀಡೆಯಲ್ಲಿ ಭಾಗವಹಿಸಬೇಕು. ಕ್ರೀಡೆಯಿಂದ ದೈಹಿಕ ಮತ್ತು ಮಾನಸಿಕ ಆರೋಗ್ಯ ವೃದ್ಧಿಯಾಗುತ್ತದೆ. ಸೋಲು ಗೆಲುವನ್ನು ಸಮಾನವಾಗಿ ಸ್ವೀಕರಿಸುವ ಮನೋಭಾವ ಬೆಳೆಯುತ್ತದೆ. ಕ್ರೀಡೆ ಶಿಸ್ತು, ಸಹನೆಯನ್ನು ಕಲಿಸುತ್ತದೆ. ವಿದ್ಯಾರ್ಥಿಗಳು ಸಕ್ರಿಯವಾಗಿ ಪಾಲ್ಗೊಳ್ಳಬೇಕು. ಪೋಷಕರು ಮಕ್ಕಳನ್ನು ಪ್ರೋತ್ಸಾಹಿಸಬೇಕು. ಆರೋಗ್ಯಕರ ಸ್ಪರ್ಧೆ ಮಕ್ಕಳ ಬೆಳವಣಿಗೆಗೆ ಸಹಕಾರಿ ಎಂದರು.
ಮಾಡಬೇಕೆಂದು ಸಲಹೆ ನೀಡಿದರು. ಕಾರ್ಯಕ್ರಮದ ಮುಖ್ಯ ಅತಿಥಿಯಾಗಿ ಭಾಗವಹಿಸಿದ್ದ ಶಿಕ್ಷಣ ತಜ್ಞರು ಮಾತನಾಡಿ, ಮಕ್ಕಳಿಗೆ ಶಿಕ್ಷಣದ ಜೊತೆಗೆ ಸಂಸ್ಕಾರವನ್ನು ನೀಡಬೇಕು. ಶಾಲೆ ಮಕ್ಕಳ ಸರ್ವತೋಮುಖ ಅಭಿವೃದ್ಧಿಗೆ ಶ್ರಮಿಸುತ್ತಿದೆ. ಕ್ರೀಡಾಕೂಟದಲ್ಲಿ ವಿವಿಧ ಸ್ಪರ್ಧೆಗಳನ್ನು ಏರ್ಪಡಿಸಲಾಗಿತ್ತು. ವಿಜೇತ ವಿದ್ಯಾರ್ಥಿಗಳಿಗೆ ಬಹುಮಾನ ವಿತರಿಸಲಾಯಿತು. ಶಾಲೆಯ ಶಿಕ್ಷಕರು, ಪೋಷಕರು ಮತ್ತು ವಿದ್ಯಾರ್ಥಿಗಳು ಉಪಸ್ಥಿತರಿದ್ದರು. ಕಾರ್ಯಕ್ರಮದಲ್ಲಿ ಶಾಲೆಯ ಕಾರ್ಯದರ್ಶಿ, ಪ್ರಾಂಶುಪಾಲರು ಮತ್ತು ಆಡಳಿತ ಮಂಡಳಿ ಸದಸ್ಯರು ಭಾಗವಹಿಸಿದ್ದರು. ಮಕ್ಕಳು ಉತ್ಸಾಹದಿಂದ ಭಾಗವಹಿಸಿ ಸಂಭ್ರಮಿಸಿದರು.
ಗುಣಮಟ್ಟದ ಹಾಲು ಉತ್ಪಾದಿಸಿ
ವಿಜಯಪುರ: ಹೋಬಳಿಯ ಗೊಡ್ಡುಮಚ್ಚೇನಹಳ್ಳಿಯಲ್ಲಿ ಹಾಲು ಉತ್ಪಾದಕರ ಸಹಕಾರ ಸಂಘದ ಕಟ್ಟಡ ನಿರ್ಮಾಣ ಹಾಗೂ ಸ್ವಯಂ ಚಾಲಿತ ಹಾಲು ಸಂಗ್ರಹಣಾ ಘಟಕವನ್ನು ಜಿಲ್ಲಾ ಉಸ್ತುವಾರಿ ಸಚಿವರು ಉದ್ಘಾಟಿಸಿದರು. ರೈತರು ಗುಣಮಟ್ಟದ ಹಾಲು ಉತ್ಪಾದನೆ ಮಾಡಿದರೆ ಉತ್ತಮ ದರ ಸಿಗುತ್ತದೆ. ಜಿಲ್ಲೆಯಲ್ಲಿ ಹೈನುಗಾರಿಕೆ ರೈತರ ಜೀವನಾಡಿಯಾಗಿದೆ. ಸರ್ಕಾರ ಹಾಲು ಉತ್ಪಾದಕರಿಗೆ ಪ್ರೋತ್ಸಾಹ ಧನ ನೀಡುತ್ತಿದೆ. ಸಹಕಾರ ಸಂಘಗಳು ಪಾರದರ್ಶಕವಾಗಿ ಕಾರ್ಯನಿರ್ವಹಿಸಬೇಕು. ಹೈನುಗಾರಿಕೆಯಿಂದ ಗ್ರಾಮೀಣ ಆರ್ಥಿಕತೆ ಸದೃಢವಾಗುತ್ತದೆ. ಒಕ್ಕೂಟದಿಂದ ರೈತರಿಗೆ ಅನೇಕ ಸೌಲಭ್ಯಗಳನ್ನು ಒದಗಿಸಲಾಗುತ್ತಿದೆ. ಹಸುಗಳಿಗೆ ವಿಮೆ, ಪಶು ಆಹಾರ, ಚಿಕಿತ್ಸೆ ಸೌಲಭ್ಯ ನೀಡಲಾಗುತ್ತಿದೆ. ಹಾಲು ಒಕ್ಕೂಟದ ಅಧ್ಯಕ್ಷರು ಮಾತನಾಡಿ, ಜಿಲ್ಲೆಯಲ್ಲಿ ಪ್ರತಿದಿನ ಲಕ್ಷಾಂತರ ಲೀಟರ್ ಹಾಲು ಸಂಗ್ರಹವಾಗುತ್ತಿದೆ. ಹಾಲು ಉತ್ಪಾದಕರಿಗೆ ಸಮಯಕ್ಕೆ ಸರಿಯಾಗಿ ಹಣ ಪಾವತಿಸಲಾಗುತ್ತಿದೆ. ರೈತರ ಮಕ್ಕಳಿಗೆ ವಿದ್ಯಾರ್ಥಿ ವೇತನ ನೀಡಲಾಗುತ್ತಿದೆ ಎಂದರು. ಕಾರ್ಯಕ್ರಮದಲ್ಲಿ ಸಂಘದ ಅಧ್ಯಕ್ಷರು, ನಿರ್ದೇಶಕರು, ಗ್ರಾಮದ ಮುಖಂಡರು, ರೈತರು ಭಾಗವಹಿಸಿದ್ದರು. ಸಚಿವರನ್ನು ಸಂಘದ ವತಿಯಿಂದ ಸನ್ಮಾನಿಸಲಾಯಿತು. 1263 ಕೋಟಿ ರೂ ಅನುದಾನದಲ್ಲಿ ಜಿಲ್ಲೆಯ ಕುಡಿಯುವ ನೀರಿನ ಯೋಜನೆ ಅನುಷ್ಠಾನಗೊಳಿಸಲಾಗುತ್ತಿದೆ. 2500 ಜನರಿಗೆ ನಿವೇಶನ ನೀಡಲಾಗುವುದು ಎಂದು ತಿಳಿಸಿದರು.
